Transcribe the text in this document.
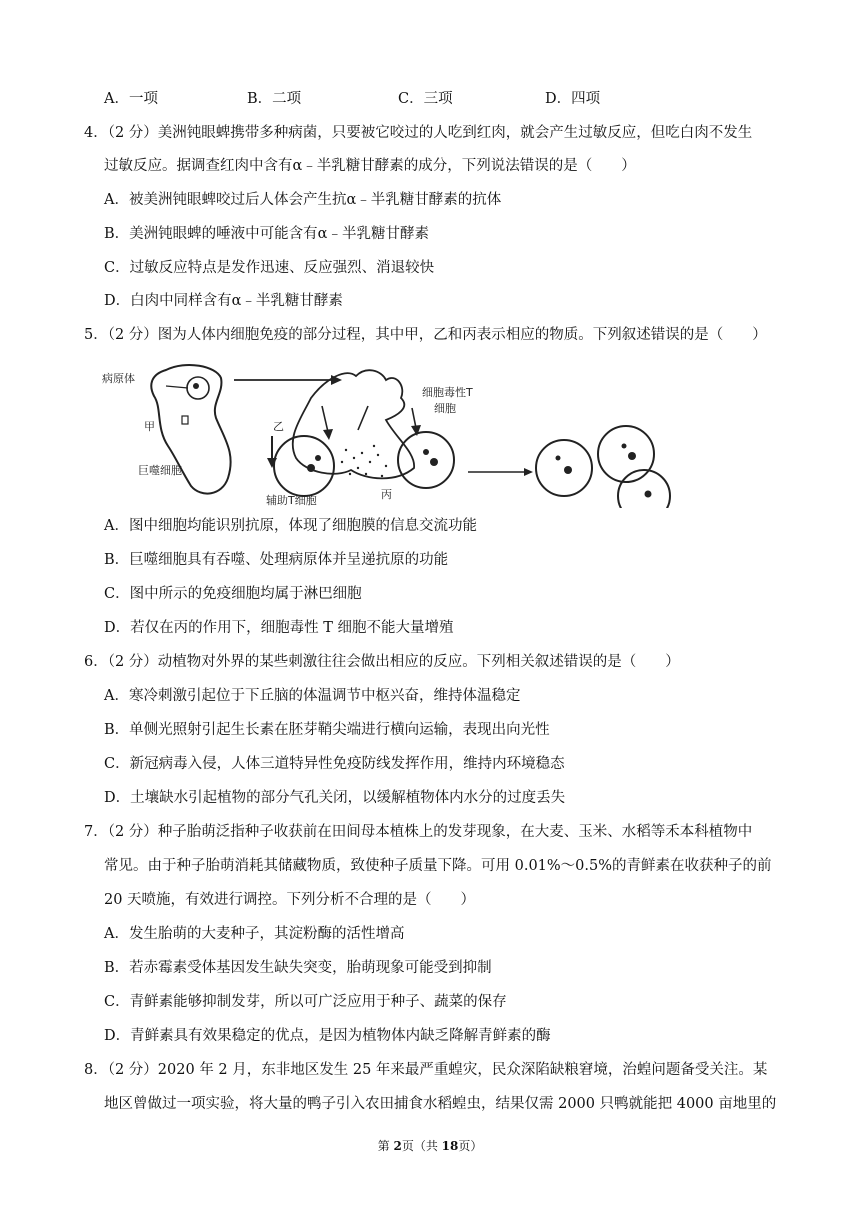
A．一项	B．二项	C．三项	D．四项
4．（2 分）美洲钝眼蜱携带多种病菌，只要被它咬过的人吃到红肉，就会产生过敏反应，但吃白肉不发生
过敏反应。据调查红肉中含有α﹣半乳糖甘酵素的成分，下列说法错误的是（　　）
A．被美洲钝眼蜱咬过后人体会产生抗α﹣半乳糖甘酵素的抗体
B．美洲钝眼蜱的唾液中可能含有α﹣半乳糖甘酵素
C．过敏反应特点是发作迅速、反应强烈、消退较快
D．白肉中同样含有α﹣半乳糖甘酵素
5．（2 分）图为人体内细胞免疫的部分过程，其中甲，乙和丙表示相应的物质。下列叙述错误的是（　　）
病原体
甲
巨噬细胞
乙
辅助T细胞	丙
细胞毒性T
细胞
A．图中细胞均能识别抗原，体现了细胞膜的信息交流功能
B．巨噬细胞具有吞噬、处理病原体并呈递抗原的功能
C．图中所示的免疫细胞均属于淋巴细胞
D．若仅在丙的作用下，细胞毒性 T 细胞不能大量增殖
6．（2 分）动植物对外界的某些刺激往往会做出相应的反应。下列相关叙述错误的是（　　）
A．寒冷刺激引起位于下丘脑的体温调节中枢兴奋，维持体温稳定
B．单侧光照射引起生长素在胚芽鞘尖端进行横向运输，表现出向光性
C．新冠病毒入侵，人体三道特异性免疫防线发挥作用，维持内环境稳态
D．土壤缺水引起植物的部分气孔关闭，以缓解植物体内水分的过度丢失
7．（2 分）种子胎萌泛指种子收获前在田间母本植株上的发芽现象，在大麦、玉米、水稻等禾本科植物中
常见。由于种子胎萌消耗其储藏物质，致使种子质量下降。可用 0.01%～0.5%的青鲜素在收获种子的前
20 天喷施，有效进行调控。下列分析不合理的是（　　）
A．发生胎萌的大麦种子，其淀粉酶的活性增高
B．若赤霉素受体基因发生缺失突变，胎萌现象可能受到抑制
C．青鲜素能够抑制发芽，所以可广泛应用于种子、蔬菜的保存
D．青鲜素具有效果稳定的优点，是因为植物体内缺乏降解青鲜素的酶
8．（2 分）2020 年 2 月，东非地区发生 25 年来最严重蝗灾，民众深陷缺粮窘境，治蝗问题备受关注。某
地区曾做过一项实验，将大量的鸭子引入农田捕食水稻蝗虫，结果仅需 2000 只鸭就能把 4000 亩地里的
第 2页（共 18页）
